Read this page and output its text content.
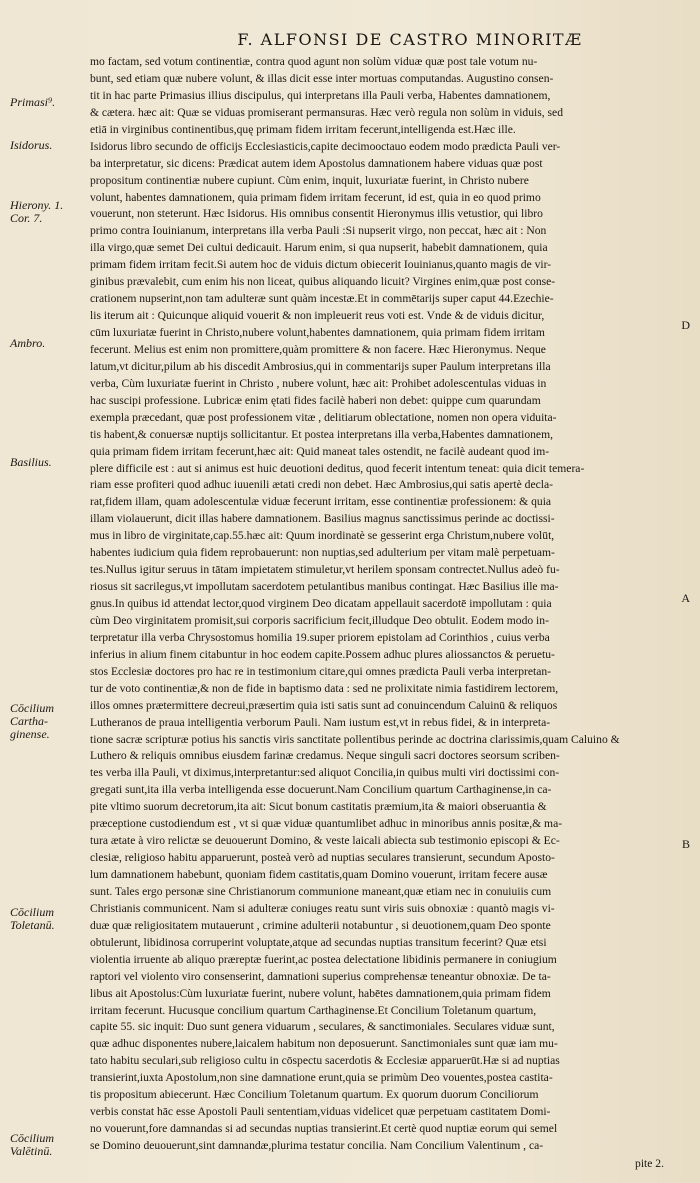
F. ALFONSI DE CASTRO MINORITÆ
Primasi⁹.
Isidorus.
Hierony. 1. Cor. 7.
Ambro.
Basilius.
Cōcilium Cartha- ginense.
Cōcilium Toletanū.
Cōcilium Valētinū.
D
A
B
mo factam, sed votum continentiæ, contra quod agunt non solùm viduæ quæ post tale votum nu-
bunt, sed etiam quæ nubere volunt, & illas dicit esse inter mortuas computandas. Augustino consen-
tit in hac parte Primasius illius discipulus, qui interpretans illa Pauli verba, Habentes damnationem,
& cætera. hæc ait: Quæ se viduas promiserant permansuras. Hæc verò regula non solùm in viduis, sed
etiā in virginibus continentibus,quę primam fidem irritam fecerunt,intelligenda est.Hæc ille.
Isidorus libro secundo de officijs Ecclesiasticis,capite decimooctauo eodem modo prædicta Pauli ver-
ba interpretatur, sic dicens: Prædicat autem idem Apostolus damnationem habere viduas quæ post
propositum continentiæ nubere cupiunt. Cùm enim, inquit, luxuriatæ fuerint, in Christo nubere
volunt, habentes damnationem, quia primam fidem irritam fecerunt, id est, quia in eo quod primo
vouerunt, non steterunt. Hæc Isidorus. His omnibus consentit Hieronymus illis vetustior, qui libro
primo contra Iouinianum, interpretans illa verba Pauli :Si nupserit virgo, non peccat, hæc ait : Non
illa virgo,quæ semet Dei cultui dedicauit. Harum enim, si qua nupserit, habebit damnationem, quia
primam fidem irritam fecit.Si autem hoc de viduis dictum obiecerit Iouinianus,quanto magis de vir-
ginibus prævalebit, cum enim his non liceat, quibus aliquando licuit? Virgines enim,quæ post conse-
crationem nupserint,non tam adulteræ sunt quàm incestæ.Et in commētarijs super caput 44.Ezechie-
lis iterum ait : Quicunque aliquid vouerit & non impleuerit reus voti est. Vnde & de viduis dicitur,
cūm luxuriatæ fuerint in Christo,nubere volunt,habentes damnationem, quia primam fidem irritam
fecerunt. Melius est enim non promittere,quàm promittere & non facere. Hæc Hieronymus. Neque
latum,vt dicitur,pilum ab his discedit Ambrosius,qui in commentarijs super Paulum interpretans illa
verba, Cùm luxuriatæ fuerint in Christo , nubere volunt, hæc ait: Prohibet adolescentulas viduas in
hac suscipi professione. Lubricæ enim ętati fides facilè haberi non debet: quippe cum quarundam
exempla præcedant, quæ post professionem vitæ , delitiarum oblectatione, nomen non opera viduita-
tis habent,& conuersæ nuptijs sollicitantur. Et postea interpretans illa verba,Habentes damnationem,
quia primam fidem irritam fecerunt,hæc ait: Quid maneat tales ostendit, ne facilè audeant quod im-
plere difficile est : aut si animus est huic deuotioni deditus, quod fecerit intentum teneat: quia dicit temera-
riam esse profiteri quod adhuc iuuenili ætati credi non debet. Hæc Ambrosius,qui satis apertè decla-
rat,fidem illam, quam adolescentulæ viduæ fecerunt irritam, esse continentiæ professionem: & quia
illam violauerunt, dicit illas habere damnationem. Basilius magnus sanctissimus perinde ac doctissi-
mus in libro de virginitate,cap.55.hæc ait: Quum inordinatè se gesserint erga Christum,nubere volūt,
habentes iudicium quia fidem reprobauerunt: non nuptias,sed adulterium per vitam malè perpetuam-
tes.Nullus igitur seruus in tātam impietatem stimuletur,vt herilem sponsam contrectet.Nullus adeò fu-
riosus sit sacrilegus,vt impollutam sacerdotem petulantibus manibus contingat. Hæc Basilius ille ma-
gnus.In quibus id attendat lector,quod virginem Deo dicatam appellauit sacerdotē impollutam : quia
cùm Deo virginitatem promisit,sui corporis sacrificium fecit,illudque Deo obtulit. Eodem modo in-
terpretatur illa verba Chrysostomus homilia 19.super priorem epistolam ad Corinthios , cuius verba
inferius in alium finem citabuntur in hoc eodem capite.Possem adhuc plures aliossanctos & peruetu-
stos Ecclesiæ doctores pro hac re in testimonium citare,qui omnes prædicta Pauli verba interpretan-
tur de voto continentiæ,& non de fide in baptismo data : sed ne prolixitate nimia fastidirem lectorem,
illos omnes prætermittere decreui,præsertim quia isti satis sunt ad conuincendum Caluinū & reliquos
Lutheranos de praua intelligentia verborum Pauli. Nam iustum est,vt in rebus fidei, & in interpreta-
tione sacræ scripturæ potius his sanctis viris sanctitate pollentibus perinde ac doctrina clarissimis,quam Caluino &
Luthero & reliquis omnibus eiusdem farinæ credamus. Neque singuli sacri doctores seorsum scriben-
tes verba illa Pauli, vt diximus,interpretantur:sed aliquot Concilia,in quibus multi viri doctissimi con-
gregati sunt,ita illa verba intelligenda esse docuerunt.Nam Concilium quartum Carthaginense,in ca-
pite vltimo suorum decretorum,ita ait: Sicut bonum castitatis præmium,ita & maiori obseruantia &
præceptione custodiendum est , vt si quæ viduæ quantumlibet adhuc in minoribus annis positæ,& ma-
tura ætate à viro relictæ se deuouerunt Domino, & veste laicali abiecta sub testimonio episcopi & Ec-
clesiæ, religioso habitu apparuerunt, posteà verò ad nuptias seculares transierunt, secundum Aposto-
lum damnationem habebunt, quoniam fidem castitatis,quam Domino vouerunt, irritam fecere ausæ
sunt. Tales ergo personæ sine Christianorum communione maneant,quæ etiam nec in conuiuiis cum
Christianis communicent. Nam si adulteræ coniuges reatu sunt viris suis obnoxiæ : quantò magis vi-
duæ quæ religiositatem mutauerunt , crimine adulterii notabuntur , si deuotionem,quam Deo sponte
obtulerunt, libidinosa corruperint voluptate,atque ad secundas nuptias transitum fecerint? Quæ etsi
violentia irruente ab aliquo præreptæ fuerint,ac postea delectatione libidinis permanere in coniugium
raptori vel violento viro consenserint, damnationi superius comprehensæ teneantur obnoxiæ. De ta-
libus ait Apostolus:Cùm luxuriatæ fuerint, nubere volunt, habētes damnationem,quia primam fidem
irritam fecerunt. Hucusque concilium quartum Carthaginense.Et Concilium Toletanum quartum,
capite 55. sic inquit: Duo sunt genera viduarum , seculares, & sanctimoniales. Seculares viduæ sunt,
quæ adhuc disponentes nubere,laicalem habitum non deposuerunt. Sanctimoniales sunt quæ iam mu-
tato habitu seculari,sub religioso cultu in cōspectu sacerdotis & Ecclesiæ apparuerūt.Hæ si ad nuptias
transierint,iuxta Apostolum,non sine damnatione erunt,quia se primùm Deo vouentes,postea castita-
tis propositum abiecerunt. Hæc Concilium Toletanum quartum. Ex quorum duorum Conciliorum
verbis constat hāc esse Apostoli Pauli sententiam,viduas videlicet quæ perpetuam castitatem Domi-
no vouerunt,fore damnandas si ad secundas nuptias transierint.Et certè quod nuptiæ eorum qui semel
se Domino deuouerunt,sint damnandæ,plurima testatur concilia. Nam Concilium Valentinum , ca-
pite 2.
